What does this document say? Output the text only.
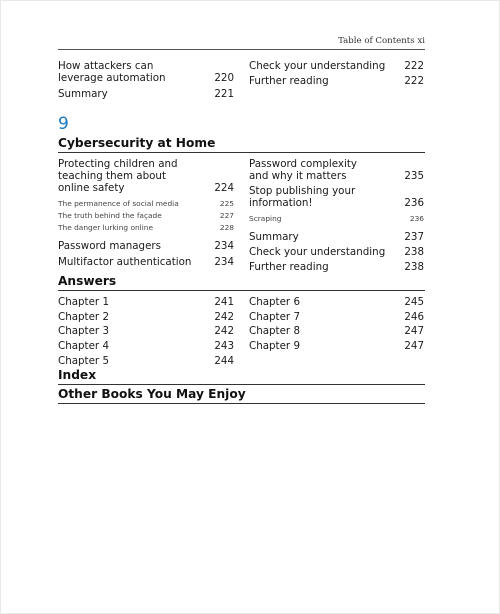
Table of Contents xi
How attackers can
leverage automation	220
Summary	221
Check your understanding	222
Further reading	222
9
Cybersecurity at Home
Protecting children and
teaching them about
online safety	224
The permanence of social media	225
The truth behind the façade	227
The danger lurking online	228
Password managers	234
Multifactor authentication	234
Password complexity
and why it matters	235
Stop publishing your
information!	236
Scraping	236
Summary	237
Check your understanding	238
Further reading	238
Answers
Chapter 1	241
Chapter 2	242
Chapter 3	242
Chapter 4	243
Chapter 5	244
Chapter 6	245
Chapter 7	246
Chapter 8	247
Chapter 9	247
Index
Other Books You May Enjoy
